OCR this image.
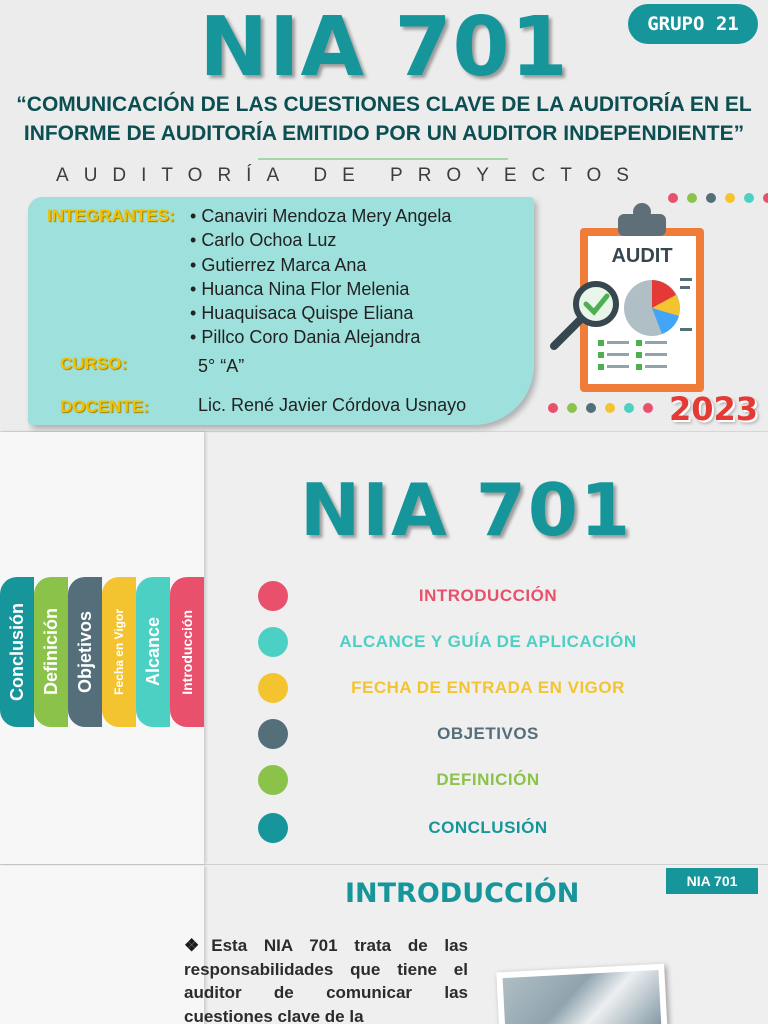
NIA 701	GRUPO 21
“COMUNICACIÓN DE LAS CUESTIONES CLAVE DE LA AUDITORÍA EN EL
INFORME DE AUDITORÍA EMITIDO POR UN AUDITOR INDEPENDIENTE”
AUDITORÍA DE PROYECTOS
INTEGRANTES:
•	Canaviri Mendoza Mery Angela
• Carlo Ochoa Luz
• Gutierrez Marca Ana
• Huanca Nina Flor Melenia
• Huaquisaca Quispe Eliana
• Pillco Coro Dania Alejandra
CURSO:	5° “A”
DOCENTE:	Lic. René Javier Córdova Usnayo
AUDIT
2023
Conclusión Definición Objetivos Fecha en Vigor Alcance Introducción
NIA 701
INTRODUCCIÓN
ALCANCE Y GUÍA DE APLICACIÓN
FECHA DE ENTRADA EN VIGOR
OBJETIVOS
DEFINICIÓN
CONCLUSIÓN
INTRODUCCIÓN	NIA 701

❖Esta NIA 701 trata de las responsabilidades que tiene el auditor de comunicar las cuestiones clave de la
